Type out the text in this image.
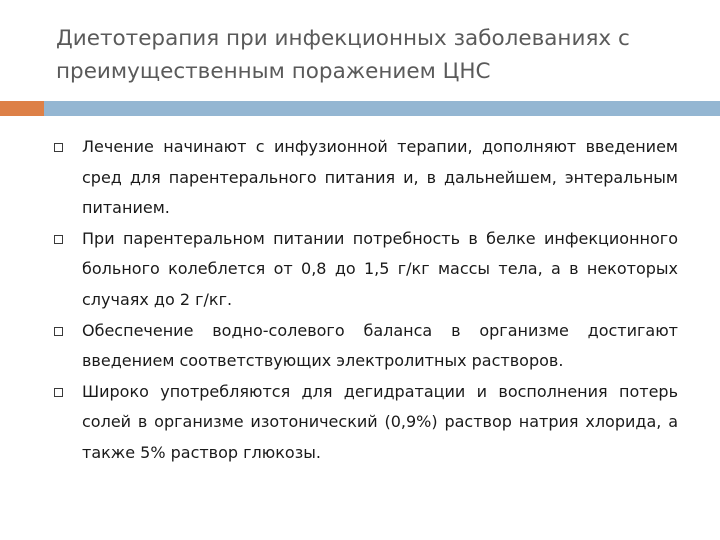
Диетотерапия при инфекционных заболеваниях с преимущественным поражением ЦНС
Лечение начинают с инфузионной терапии, дополняют введением сред для парентерального питания и, в дальнейшем, энтеральным питанием.
При парентеральном питании потребность в белке инфекционного больного колеблется от 0,8 до 1,5 г/кг массы тела, а в некоторых случаях до 2 г/кг.
Обеспечение водно-солевого баланса в организме достигают введением соответствующих электролитных растворов.
Широко употребляются для дегидратации и восполнения потерь солей в организме изотонический (0,9%) раствор натрия хлорида, а также 5% раствор глюкозы.
